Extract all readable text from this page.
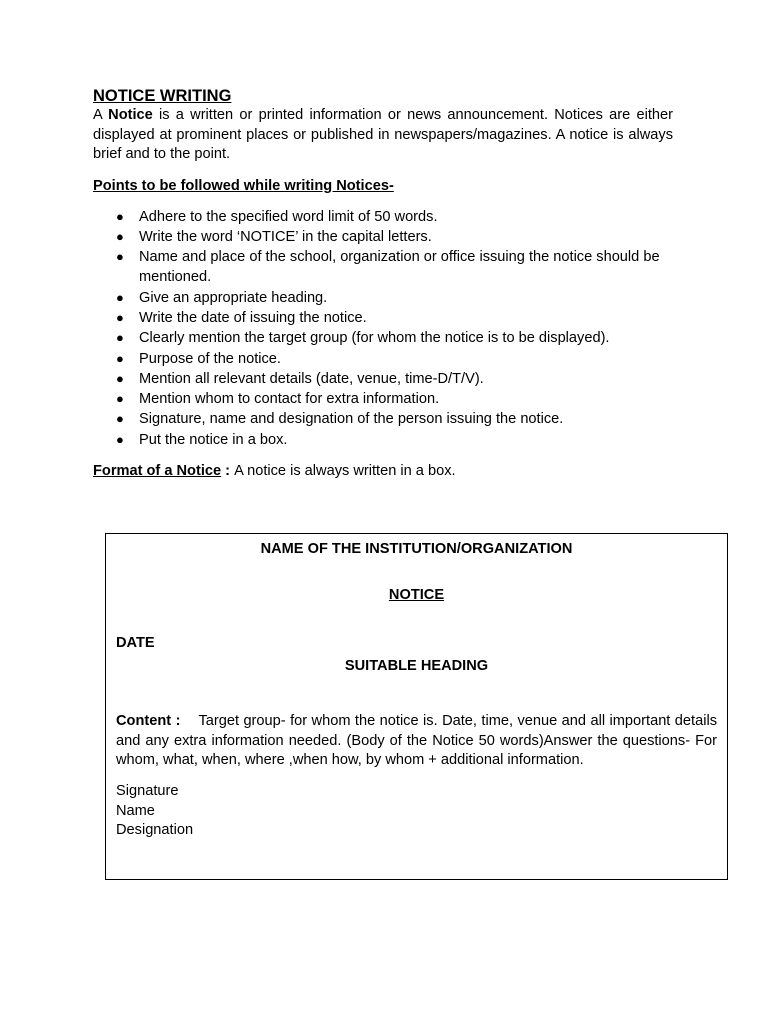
NOTICE WRITING

A Notice is a written or printed information or news announcement. Notices are either displayed at prominent places or published in newspapers/magazines. A notice is always brief and to the point.

Points to be followed while writing Notices-

● Adhere to the specified word limit of 50 words.
● Write the word ‘NOTICE’ in the capital letters.
● Name and place of the school, organization or office issuing the notice should be mentioned.
● Give an appropriate heading.
● Write the date of issuing the notice.
● Clearly mention the target group (for whom the notice is to be displayed).
● Purpose of the notice.
● Mention all relevant details (date, venue, time-D/T/V).
● Mention whom to contact for extra information.
● Signature, name and designation of the person issuing the notice.
● Put the notice in a box.

Format of a Notice : A notice is always written in a box.

NAME OF THE INSTITUTION/ORGANIZATION
NOTICE
DATE
SUITABLE HEADING

Content : Target group- for whom the notice is. Date, time, venue and all important details and any extra information needed. (Body of the Notice 50 words)Answer the questions- For whom, what, when, where ,when how, by whom + additional information.

Signature
Name
Designation
